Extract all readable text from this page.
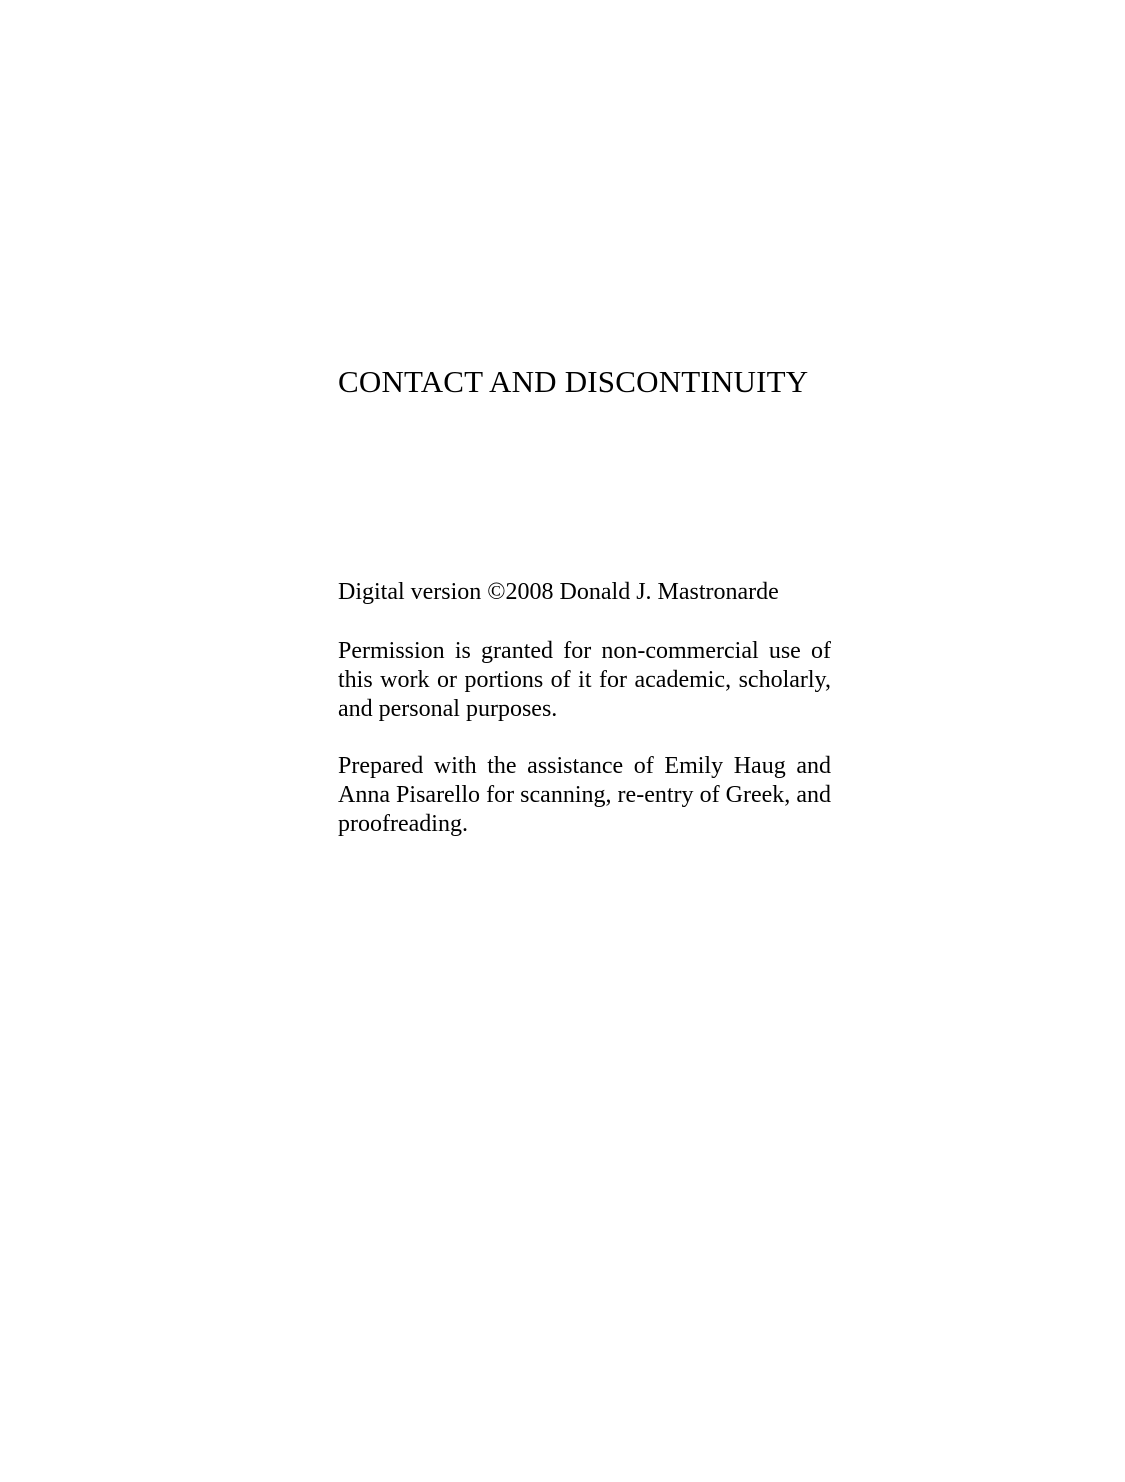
CONTACT AND DISCONTINUITY

Digital version ©2008 Donald J. Mastronarde

Permission is granted for non-commercial use of this work or portions of it for academic, scholarly, and personal purposes.

Prepared with the assistance of Emily Haug and Anna Pisarello for scanning, re-entry of Greek, and proofreading.
